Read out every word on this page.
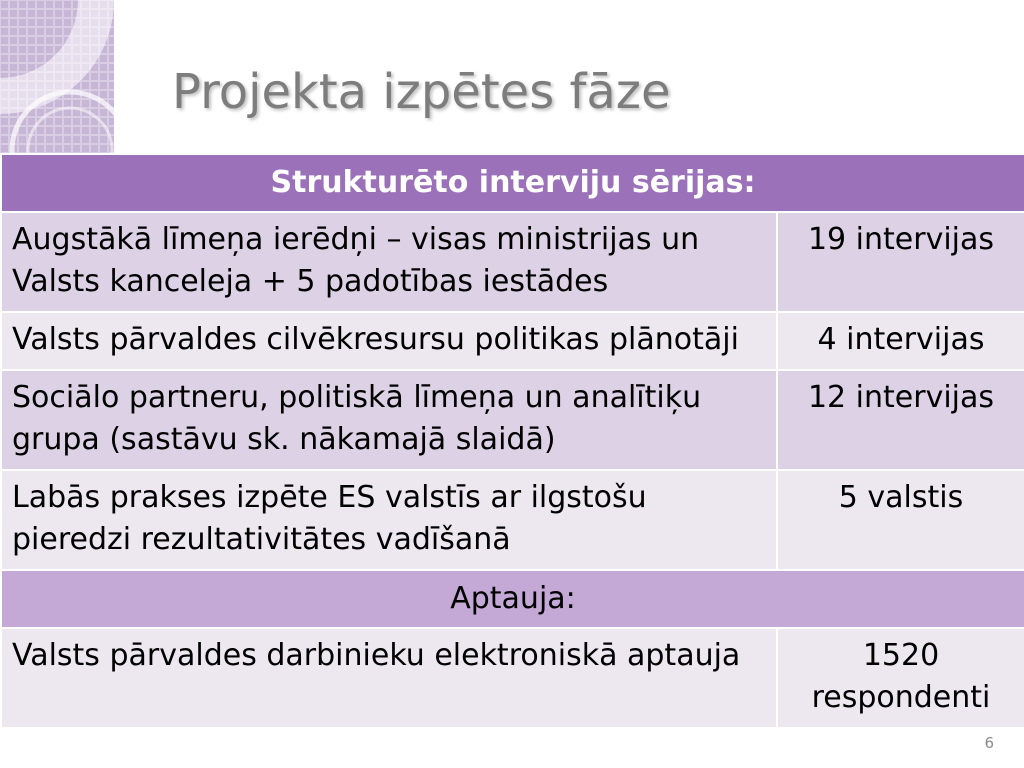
Projekta izpētes fāze
Strukturēto interviju sērijas:	
Augstākā līmeņa ierēdņi – visas ministrijas un Valsts kanceleja + 5 padotības iestādes	19 intervijas
Valsts pārvaldes cilvēkresursu politikas plānotāji	4 intervijas
Sociālo partneru, politiskā līmeņa un analītiķu grupa (sastāvu sk. nākamajā slaidā)	12 intervijas
Labās prakses izpēte ES valstīs ar ilgstošu pieredzi rezultativitātes vadīšanā	5 valstis
Aptauja:	
Valsts pārvaldes darbinieku elektroniskā aptauja	1520 respondenti
6
